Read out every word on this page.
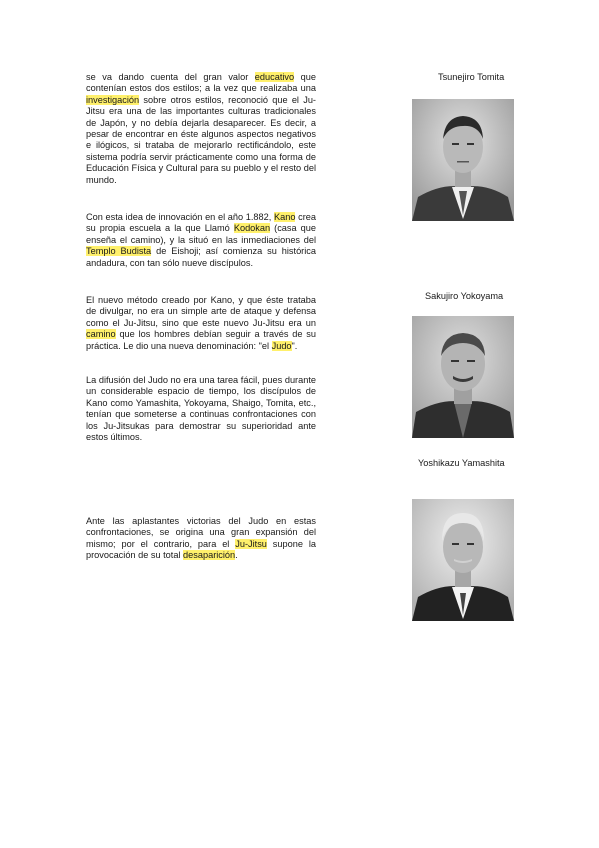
se va dando cuenta del gran valor educativo que contenían estos dos estilos; a la vez que realizaba una investigación sobre otros estilos, reconoció que el Ju-Jitsu era una de las importantes culturas tradicionales de Japón, y no debía dejarla desaparecer. Es decir, a pesar de encontrar en éste algunos aspectos negativos e ilógicos, si trataba de mejorarlo rectificándolo, este sistema podría servir prácticamente como una forma de Educación Física y Cultural para su pueblo y el resto del mundo.
Con esta idea de innovación en el año 1.882, Kano crea su propia escuela a la que Llamó Kodokan (casa que enseña el camino), y la situó en las inmediaciones del Templo Budista de Eishoji; así comienza su histórica andadura, con tan sólo nueve discípulos.
El nuevo método creado por Kano, y que éste trataba de divulgar, no era un simple arte de ataque y defensa como el Ju-Jitsu, sino que este nuevo Ju-Jitsu era un camino que los hombres debían seguir a través de su práctica. Le dio una nueva denominación: "el Judo".
La difusión del Judo no era una tarea fácil, pues durante un considerable espacio de tiempo, los discípulos de Kano como Yamashita, Yokoyama, Shaigo, Tomita, etc., tenían que someterse a continuas confrontaciones con los Ju-Jitsukas para demostrar su superioridad ante estos últimos.
Ante las aplastantes victorias del Judo en estas confrontaciones, se origina una gran expansión del mismo; por el contrario, para el Ju-Jitsu supone la provocación de su total desaparición.
Tsunejiro Tomita
Sakujiro Yokoyama
Yoshikazu Yamashita
